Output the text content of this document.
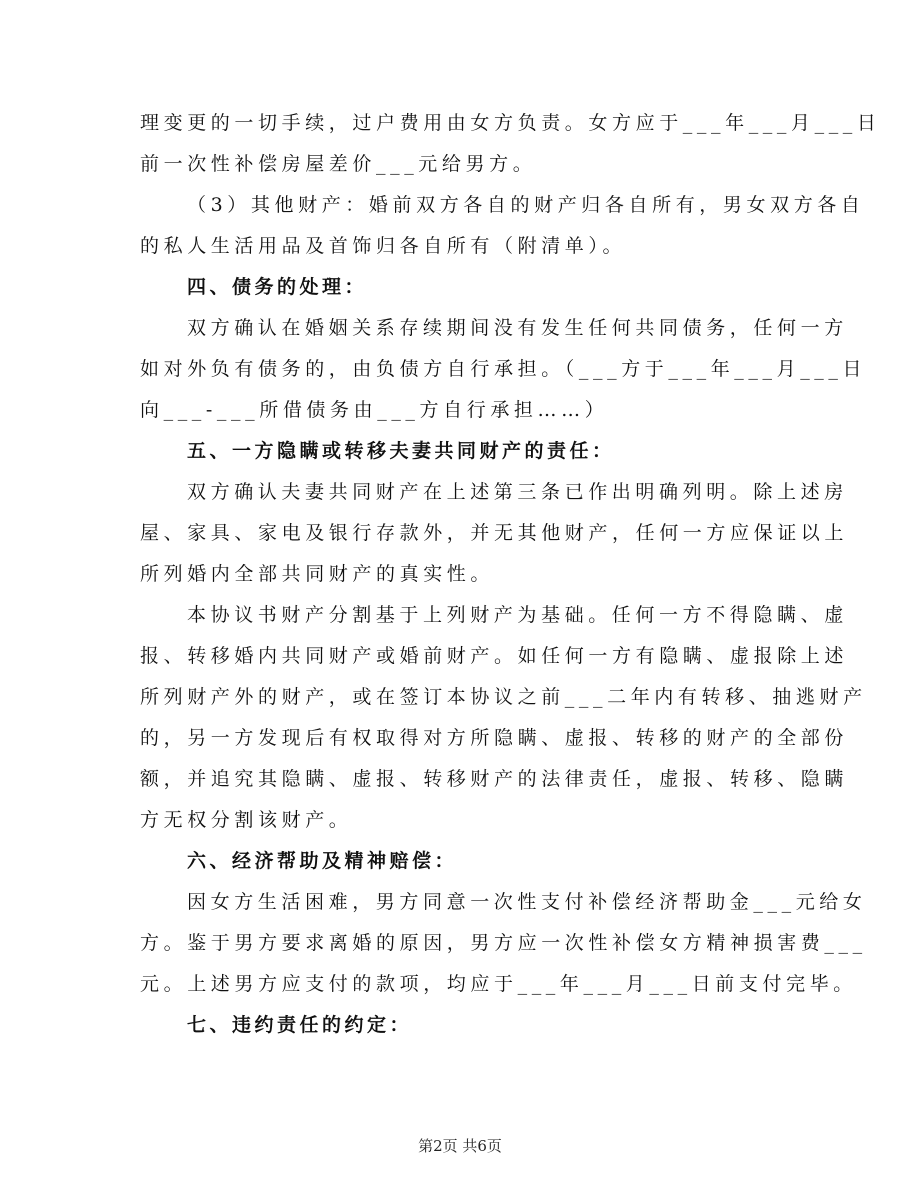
理变更的一切手续，过户费用由女方负责。女方应于___年___月___日
前一次性补偿房屋差价___元给男方。
（3）其他财产：婚前双方各自的财产归各自所有，男女双方各自
的私人生活用品及首饰归各自所有（附清单）。
四、债务的处理：
双方确认在婚姻关系存续期间没有发生任何共同债务，任何一方
如对外负有债务的，由负债方自行承担。（___方于___年___月___日
向___-___所借债务由___方自行承担……）
五、一方隐瞒或转移夫妻共同财产的责任：
双方确认夫妻共同财产在上述第三条已作出明确列明。除上述房
屋、家具、家电及银行存款外，并无其他财产，任何一方应保证以上
所列婚内全部共同财产的真实性。
本协议书财产分割基于上列财产为基础。任何一方不得隐瞒、虚
报、转移婚内共同财产或婚前财产。如任何一方有隐瞒、虚报除上述
所列财产外的财产，或在签订本协议之前___二年内有转移、抽逃财产
的，另一方发现后有权取得对方所隐瞒、虚报、转移的财产的全部份
额，并追究其隐瞒、虚报、转移财产的法律责任，虚报、转移、隐瞒
方无权分割该财产。
六、经济帮助及精神赔偿：
因女方生活困难，男方同意一次性支付补偿经济帮助金___元给女
方。鉴于男方要求离婚的原因，男方应一次性补偿女方精神损害费___
元。上述男方应支付的款项，均应于___年___月___日前支付完毕。
七、违约责任的约定：
第2页 共6页
